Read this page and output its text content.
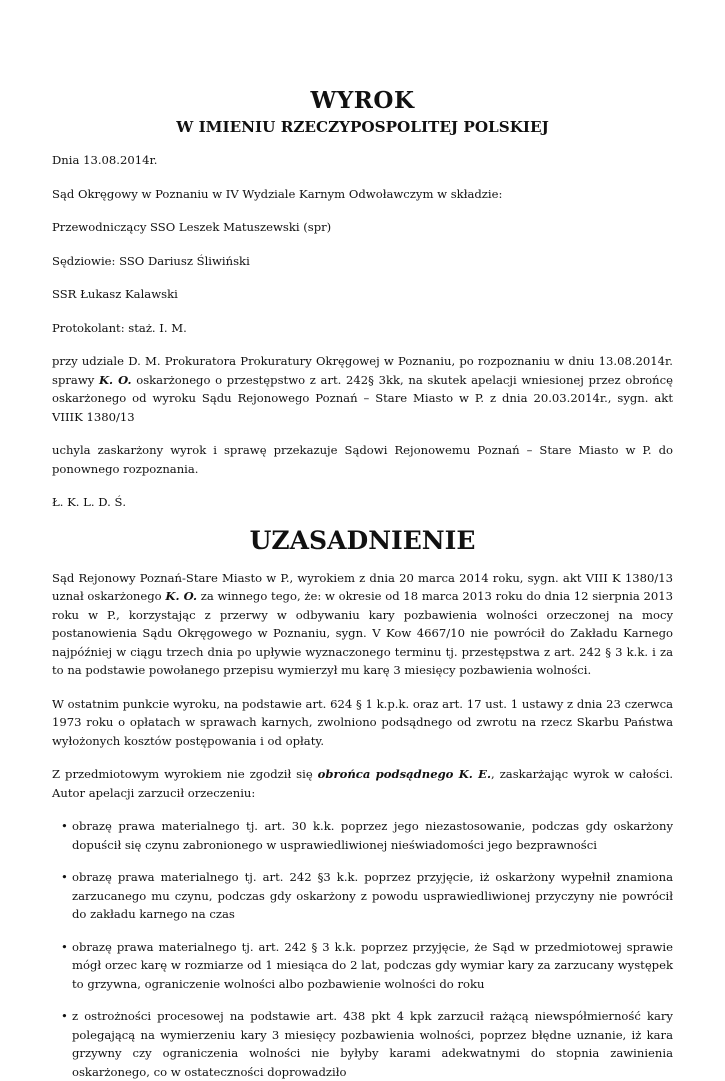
WYROK
W IMIENIU RZECZYPOSPOLITEJ POLSKIEJ

Dnia 13.08.2014r.

Sąd Okręgowy w Poznaniu w IV Wydziale Karnym Odwoławczym w składzie:

Przewodniczący SSO Leszek Matuszewski (spr)

Sędziowie: SSO Dariusz Śliwiński

SSR Łukasz Kalawski

Protokolant: staż. I. M.

przy udziale D. M. Prokuratora Prokuratury Okręgowej w Poznaniu, po rozpoznaniu w dniu 13.08.2014r. sprawy K. O. oskarżonego o przestępstwo z art. 242§ 3kk, na skutek apelacji wniesionej przez obrońcę oskarżonego od wyroku Sądu Rejonowego Poznań – Stare Miasto w P. z dnia 20.03.2014r., sygn. akt VIIIK 1380/13

uchyla zaskarżony wyrok i sprawę przekazuje Sądowi Rejonowemu Poznań – Stare Miasto w P. do ponownego rozpoznania.

Ł. K. L. D. Ś.

UZASADNIENIE

Sąd Rejonowy Poznań-Stare Miasto w P., wyrokiem z dnia 20 marca 2014 roku, sygn. akt VIII K 1380/13 uznał oskarżonego K. O. za winnego tego, że: w okresie od 18 marca 2013 roku do dnia 12 sierpnia 2013 roku w P., korzystając z przerwy w odbywaniu kary pozbawienia wolności orzeczonej na mocy postanowienia Sądu Okręgowego w Poznaniu, sygn. V Kow 4667/10 nie powrócił do Zakładu Karnego najpóźniej w ciągu trzech dnia po upływie wyznaczonego terminu tj. przestępstwa z art. 242 § 3 k.k. i za to na podstawie powołanego przepisu wymierzył mu karę 3 miesięcy pozbawienia wolności.

W ostatnim punkcie wyroku, na podstawie art. 624 § 1 k.p.k. oraz art. 17 ust. 1 ustawy z dnia 23 czerwca 1973 roku o opłatach w sprawach karnych, zwolniono podsądnego od zwrotu na rzecz Skarbu Państwa wyłożonych kosztów postępowania i od opłaty.

Z przedmiotowym wyrokiem nie zgodził się obrońca podsądnego K. E., zaskarżając wyrok w całości. Autor apelacji zarzucił orzeczeniu:

• obrazę prawa materialnego tj. art. 30 k.k. poprzez jego niezastosowanie, podczas gdy oskarżony dopuścił się czynu zabronionego w usprawiedliwionej nieświadomości jego bezprawności
• obrazę prawa materialnego tj. art. 242 §3 k.k. poprzez przyjęcie, iż oskarżony wypełnił znamiona zarzucanego mu czynu, podczas gdy oskarżony z powodu usprawiedliwionej przyczyny nie powrócił do zakładu karnego na czas
• obrazę prawa materialnego tj. art. 242 § 3 k.k. poprzez przyjęcie, że Sąd w przedmiotowej sprawie mógł orzec karę w rozmiarze od 1 miesiąca do 2 lat, podczas gdy wymiar kary za zarzucany występek to grzywna, ograniczenie wolności albo pozbawienie wolności do roku
• z ostrożności procesowej na podstawie art. 438 pkt 4 kpk zarzucił rażącą niewspółmierność kary polegającą na wymierzeniu kary 3 miesięcy pozbawienia wolności, poprzez błędne uznanie, iż kara grzywny czy ograniczenia wolności nie byłyby karami adekwatnymi do stopnia zawinienia oskarżonego, co w ostateczności doprowadziło
